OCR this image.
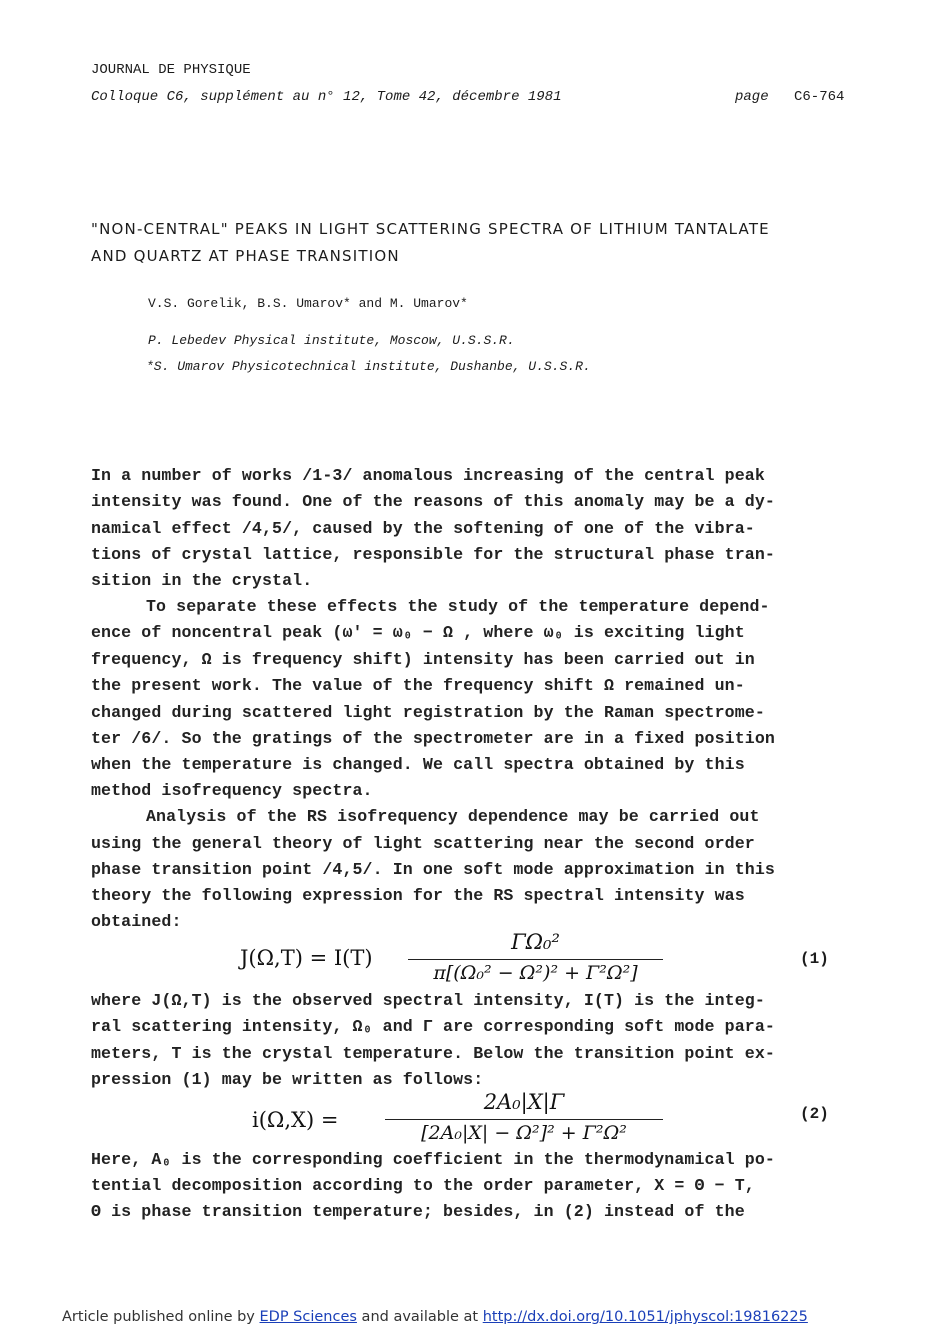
JOURNAL DE PHYSIQUE
Colloque C6, supplément au n° 12, Tome 42, décembre 1981	page C6-764
"NON-CENTRAL" PEAKS IN LIGHT SCATTERING SPECTRA OF LITHIUM TANTALATE
AND QUARTZ AT PHASE TRANSITION
V.S. Gorelik, B.S. Umarov* and M. Umarov*
P. Lebedev Physical institute, Moscow, U.S.S.R.
*S. Umarov Physicotechnical institute, Dushanbe, U.S.S.R.
In a number of works /1-3/ anomalous increasing of the central peak
intensity was found. One of the reasons of this anomaly may be a dy-
namical effect /4,5/, caused by the softening of one of the vibra-
tions of crystal lattice, responsible for the structural phase tran-
sition in the crystal.
To separate these effects the study of the temperature depend-
ence of noncentral peak (ω' = ω₀ − Ω , where ω₀ is exciting light
frequency, Ω is frequency shift) intensity has been carried out in
the present work. The value of the frequency shift Ω remained un-
changed during scattered light registration by the Raman spectrome-
ter /6/. So the gratings of the spectrometer are in a fixed position
when the temperature is changed. We call spectra obtained by this
method isofrequency spectra.
Analysis of the RS isofrequency dependence may be carried out
using the general theory of light scattering near the second order
phase transition point /4,5/. In one soft mode approximation in this
theory the following expression for the RS spectral intensity was
obtained:
J(Ω,T) = I(T)
ΓΩ₀²
π[(Ω₀² − Ω²)² + Γ²Ω²]
(1)
where J(Ω,T) is the observed spectral intensity, I(T) is the integ-
ral scattering intensity, Ω₀ and Γ are corresponding soft mode para-
meters, T is the crystal temperature. Below the transition point ex-
pression (1) may be written as follows:
i(Ω,X) =
2A₀|X|Γ
[2A₀|X| − Ω²]² + Γ²Ω²
(2)
Here, A₀ is the corresponding coefficient in the thermodynamical po-
tential decomposition according to the order parameter, X = Θ − T,
Θ is phase transition temperature; besides, in (2) instead of the
Article published online by EDP Sciences and available at http://dx.doi.org/10.1051/jphyscol:19816225
